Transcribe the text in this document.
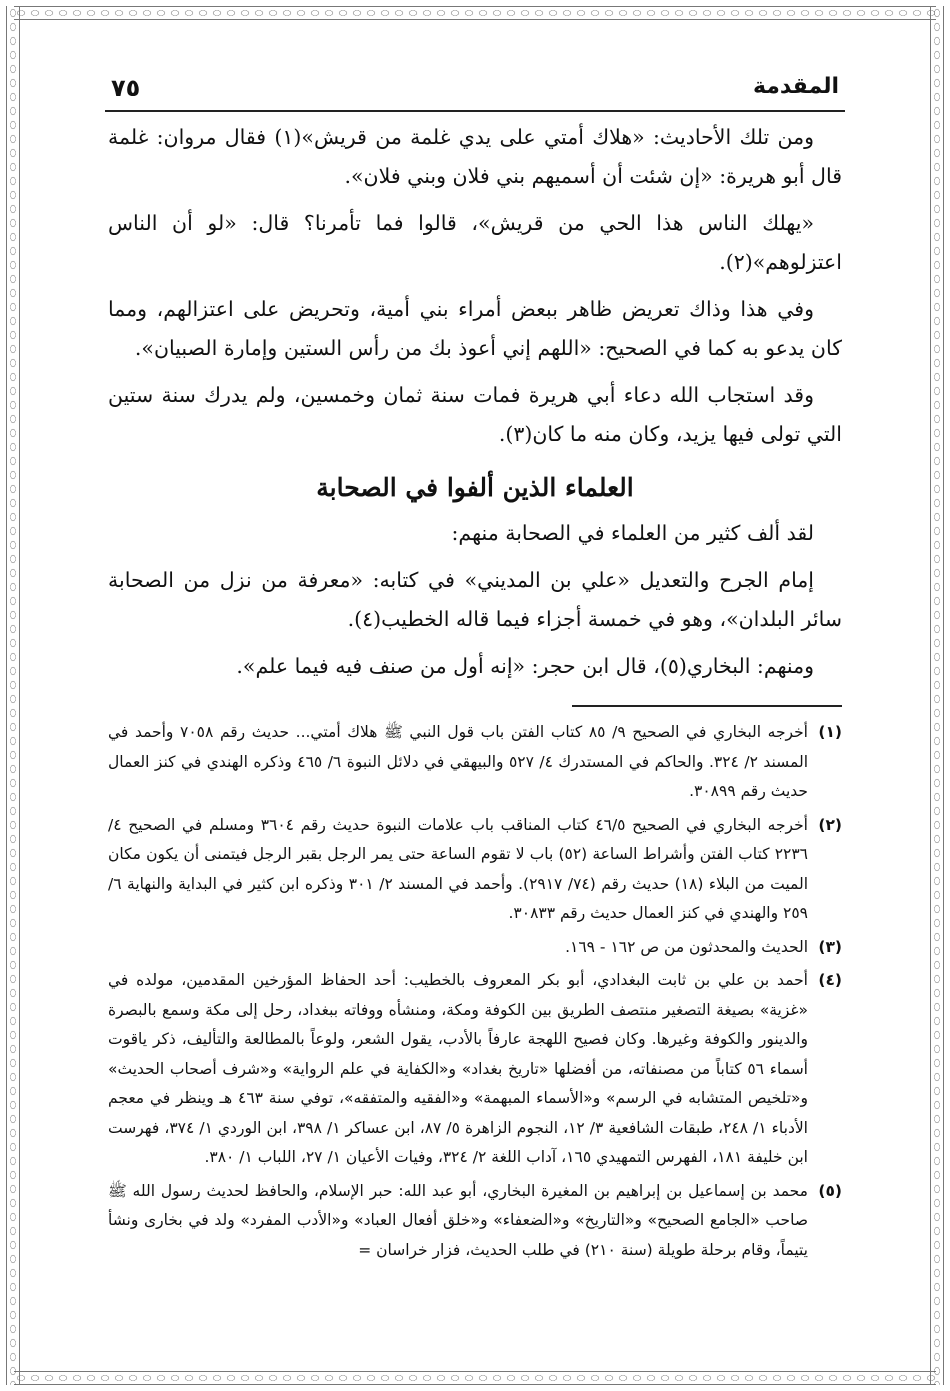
٧٥	المقدمة

ومن تلك الأحاديث: «هلاك أمتي على يدي غلمة من قريش»(١) فقال مروان: غلمة قال أبو هريرة: «إن شئت أن أسميهم بني فلان وبني فلان».

«يهلك الناس هذا الحي من قريش»، قالوا فما تأمرنا؟ قال: «لو أن الناس اعتزلوهم»(٢).

وفي هذا وذاك تعريض ظاهر ببعض أمراء بني أمية، وتحريض على اعتزالهم، ومما كان يدعو به كما في الصحيح: «اللهم إني أعوذ بك من رأس الستين وإمارة الصبيان».

وقد استجاب الله دعاء أبي هريرة فمات سنة ثمان وخمسين، ولم يدرك سنة ستين التي تولى فيها يزيد، وكان منه ما كان(٣).

العلماء الذين ألفوا في الصحابة

لقد ألف كثير من العلماء في الصحابة منهم:

إمام الجرح والتعديل «علي بن المديني» في كتابه: «معرفة من نزل من الصحابة سائر البلدان»، وهو في خمسة أجزاء فيما قاله الخطيب(٤).

ومنهم: البخاري(٥)، قال ابن حجر: «إنه أول من صنف فيه فيما علم».

(١)
أخرجه البخاري في الصحيح ٩/ ٨٥ كتاب الفتن باب قول النبي ﷺ هلاك أمتي... حديث رقم ٧٠٥٨ وأحمد في المسند ٢/ ٣٢٤. والحاكم في المستدرك ٤/ ٥٢٧ والبيهقي في دلائل النبوة ٦/ ٤٦٥ وذكره الهندي في كنز العمال حديث رقم ٣٠٨٩٩.
(٢)
أخرجه البخاري في الصحيح ٤٦/٥ كتاب المناقب باب علامات النبوة حديث رقم ٣٦٠٤ ومسلم في الصحيح ٤/ ٢٢٣٦ كتاب الفتن وأشراط الساعة (٥٢) باب لا تقوم الساعة حتى يمر الرجل بقبر الرجل فيتمنى أن يكون مكان الميت من البلاء (١٨) حديث رقم (٧٤/ ٢٩١٧). وأحمد في المسند ٢/ ٣٠١ وذكره ابن كثير في البداية والنهاية ٦/ ٢٥٩ والهندي في كنز العمال حديث رقم ٣٠٨٣٣.
(٣)
الحديث والمحدثون من ص ١٦٢ - ١٦٩.
(٤)
أحمد بن علي بن ثابت البغدادي، أبو بكر المعروف بالخطيب: أحد الحفاظ المؤرخين المقدمين، مولده في «غزية» بصيغة التصغير منتصف الطريق بين الكوفة ومكة، ومنشأه ووفاته ببغداد، رحل إلى مكة وسمع بالبصرة والدينور والكوفة وغيرها. وكان فصيح اللهجة عارفاً بالأدب، يقول الشعر، ولوعاً بالمطالعة والتأليف، ذكر ياقوت أسماء ٥٦ كتاباً من مصنفاته، من أفضلها «تاريخ بغداد» و«الكفاية في علم الرواية» و«شرف أصحاب الحديث» و«تلخيص المتشابه في الرسم» و«الأسماء المبهمة» و«الفقيه والمتفقه»، توفي سنة ٤٦٣ هـ وينظر في معجم الأدباء ١/ ٢٤٨، طبقات الشافعية ٣/ ١٢، النجوم الزاهرة ٥/ ٨٧، ابن عساكر ١/ ٣٩٨، ابن الوردي ١/ ٣٧٤، فهرست ابن خليفة ١٨١، الفهرس التمهيدي ١٦٥، آداب اللغة ٢/ ٣٢٤، وفيات الأعيان ١/ ٢٧، اللباب ١/ ٣٨٠.
(٥)
محمد بن إسماعيل بن إبراهيم بن المغيرة البخاري، أبو عبد الله: حبر الإسلام، والحافظ لحديث رسول الله ﷺ صاحب «الجامع الصحيح» و«التاريخ» و«الضعفاء» و«خلق أفعال العباد» و«الأدب المفرد» ولد في بخارى ونشأ يتيماً، وقام برحلة طويلة (سنة ٢١٠) في طلب الحديث، فزار خراسان =
